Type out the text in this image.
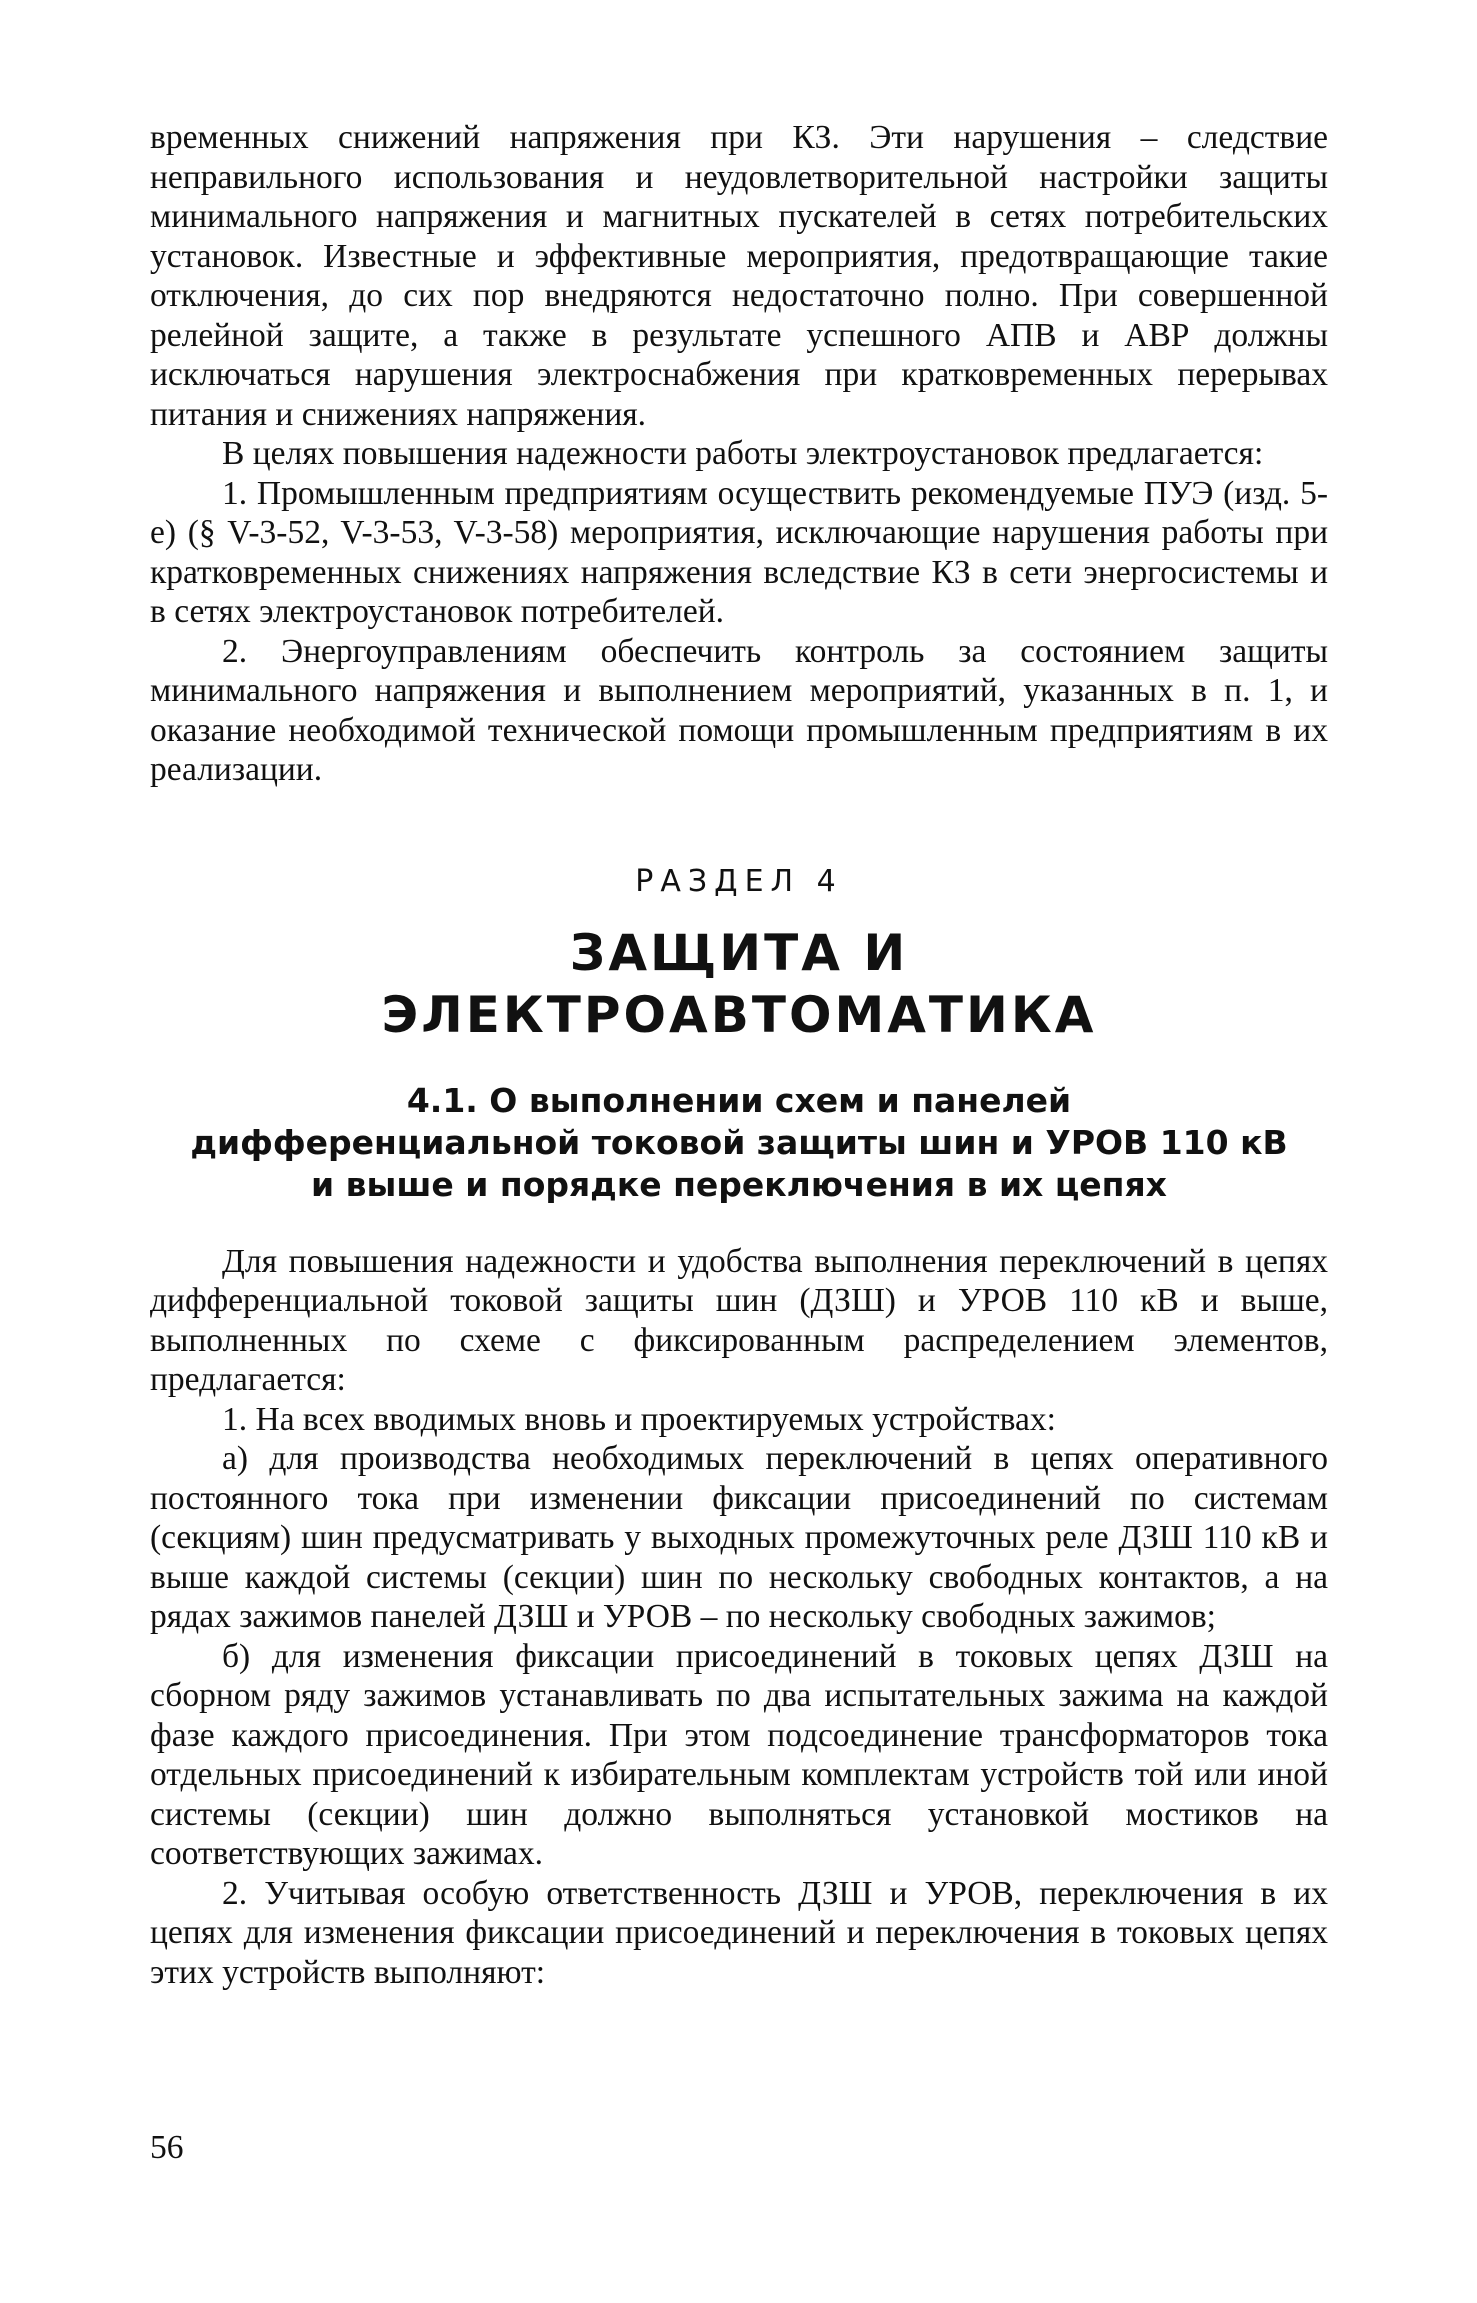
временных снижений напряжения при КЗ. Эти нарушения – следствие неправильного использования и неудовлетворительной настройки защиты минимального напряжения и магнитных пускателей в сетях потребительских установок. Известные и эффективные мероприятия, предотвращающие такие отключения, до сих пор внедряются недостаточно полно. При совершенной релейной защите, а также в результате успешного АПВ и АВР должны исключаться нарушения электроснабжения при кратковременных перерывах питания и снижениях напряжения.

В целях повышения надежности работы электроустановок предлагается:

1. Промышленным предприятиям осуществить рекомендуемые ПУЭ (изд. 5-е) (§ V-3-52, V-3-53, V-3-58) мероприятия, исключающие нарушения работы при кратковременных снижениях напряжения вследствие КЗ в сети энергосистемы и в сетях электроустановок потребителей.

2. Энергоуправлениям обеспечить контроль за состоянием защиты минимального напряжения и выполнением мероприятий, указанных в п. 1, и оказание необходимой технической помощи промышленным предприятиям в их реализации.

РАЗДЕЛ 4
ЗАЩИТА И
ЭЛЕКТРОАВТОМАТИКА
4.1. О выполнении схем и панелей
дифференциальной токовой защиты шин и УРОВ 110 кВ
и выше и порядке переключения в их цепях

Для повышения надежности и удобства выполнения переключений в цепях дифференциальной токовой защиты шин (ДЗШ) и УРОВ 110 кВ и выше, выполненных по схеме с фиксированным распределением элементов, предлагается:

1. На всех вводимых вновь и проектируемых устройствах:

а) для производства необходимых переключений в цепях оперативного постоянного тока при изменении фиксации присоединений по системам (секциям) шин предусматривать у выходных промежуточных реле ДЗШ 110 кВ и выше каждой системы (секции) шин по нескольку свободных контактов, а на рядах зажимов панелей ДЗШ и УРОВ – по нескольку свободных зажимов;

б) для изменения фиксации присоединений в токовых цепях ДЗШ на сборном ряду зажимов устанавливать по два испытательных зажима на каждой фазе каждого присоединения. При этом подсоединение трансформаторов тока отдельных присоединений к избирательным комплектам устройств той или иной системы (секции) шин должно выполняться установкой мостиков на соответствующих зажимах.

2. Учитывая особую ответственность ДЗШ и УРОВ, переключения в их цепях для изменения фиксации присоединений и переключения в токовых цепях этих устройств выполняют:

56
